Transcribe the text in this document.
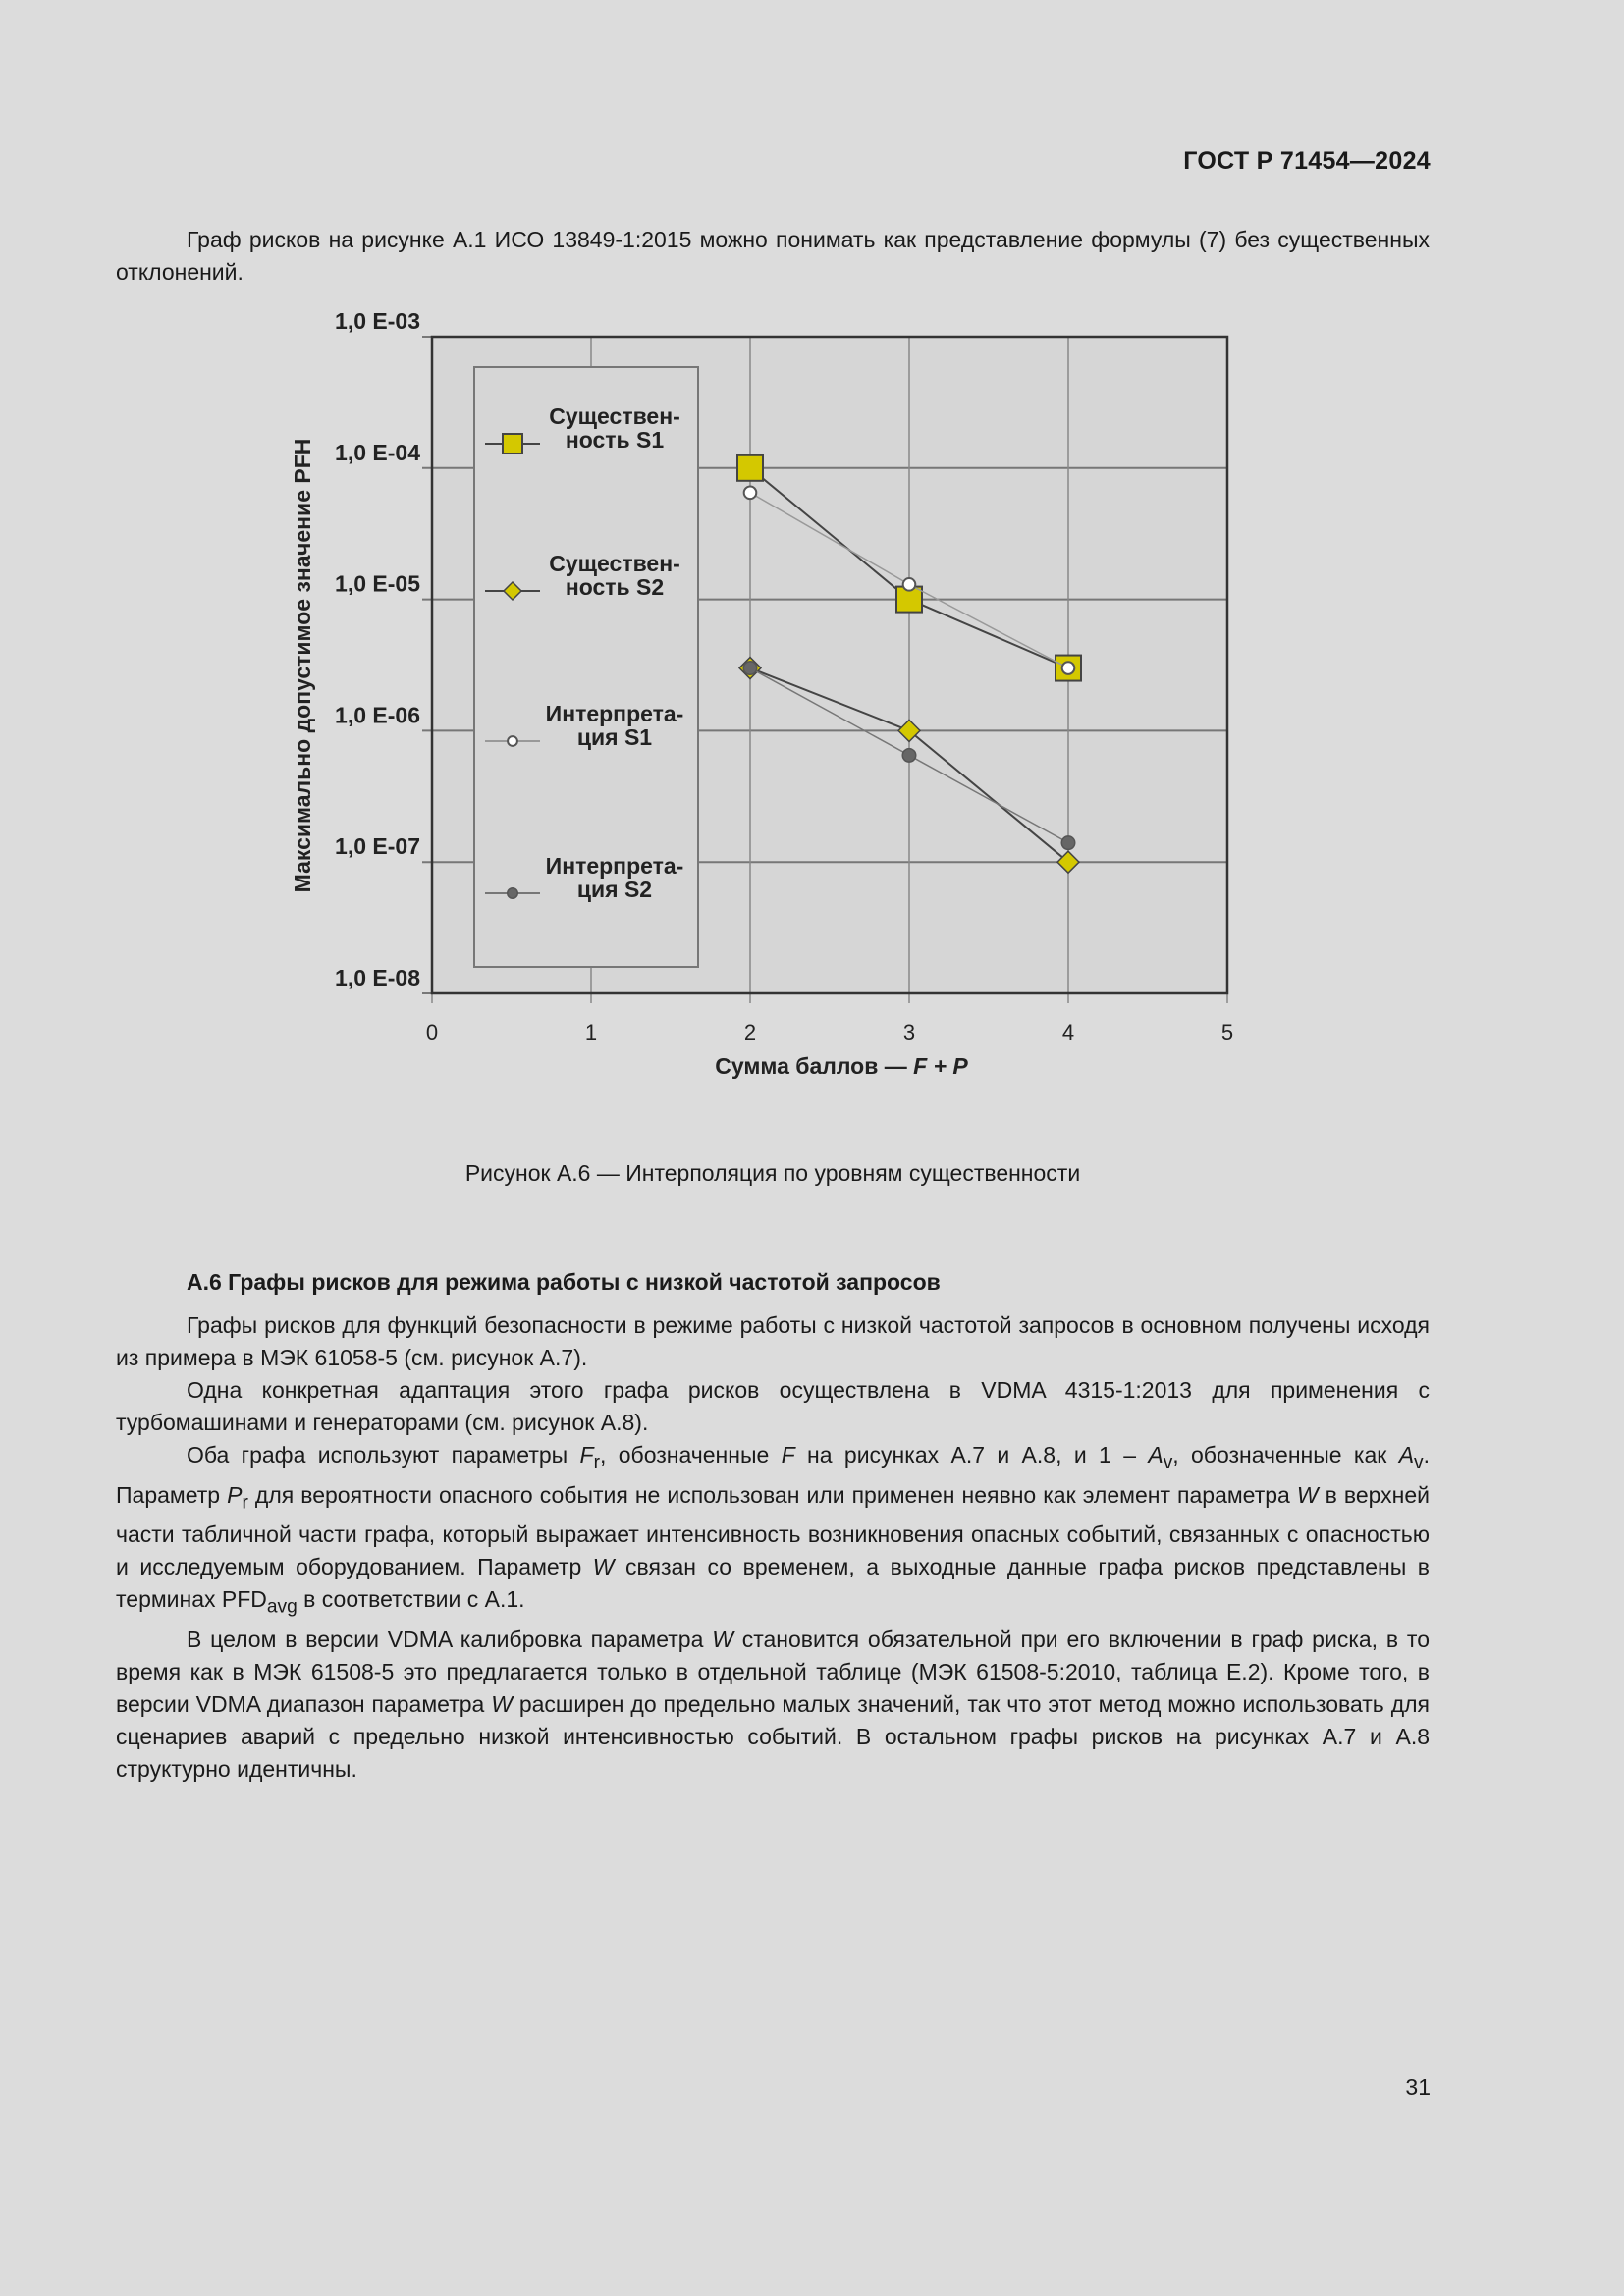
ГОСТ Р 71454—2024

Граф рисков на рисунке А.1 ИСО 13849-1:2015 можно понимать как представление формулы (7) без существенных отклонений.

1,0 E-08
1,0 E-07
1,0 E-06
1,0 E-05
1,0 E-04
1,0 E-03
0	1	2	3	4	5
Максимально допустимое значение PFH
Сумма баллов — F + P
Существен-ность S1
Существен-ность S2
Интерпрета-ция S1
Интерпрета-ция S2
Рисунок А.6 — Интерполяция по уровням существенности
А.6 Графы рисков для режима работы с низкой частотой запросов

Графы рисков для функций безопасности в режиме работы с низкой частотой запросов в основном получены исходя из примера в МЭК 61058-5 (см. рисунок А.7).

Одна конкретная адаптация этого графа рисков осуществлена в VDMA 4315-1:2013 для применения с турбомашинами и генераторами (см. рисунок А.8).

Оба графа используют параметры $F_r$, обозначенные F на рисунках А.7 и А.8, и $1 - A_v$, обозначенные как $A_v$. Параметр $P_r$ для вероятности опасного события не использован или применен неявно как элемент параметра W в верхней части табличной части графа, который выражает интенсивность возникновения опасных событий, связанных с опасностью и исследуемым оборудованием. Параметр W связан со временем, а выходные данные графа рисков представлены в терминах $PFD_{avg}$ в соответствии с А.1.

В целом в версии VDMA калибровка параметра W становится обязательной при его включении в граф риска, в то время как в МЭК 61508-5 это предлагается только в отдельной таблице (МЭК 61508-5:2010, таблица Е.2). Кроме того, в версии VDMA диапазон параметра W расширен до предельно малых значений, так что этот метод можно использовать для сценариев аварий с предельно низкой интенсивностью событий. В остальном графы рисков на рисунках А.7 и А.8 структурно идентичны.

31
